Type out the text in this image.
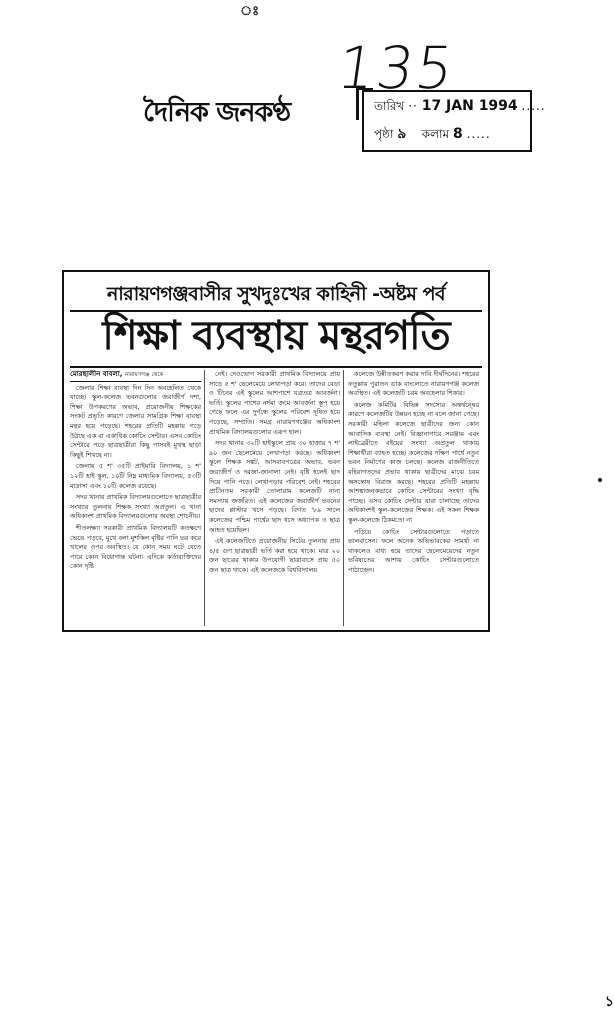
ঃ
135
দৈনিক জনকণ্ঠ	তারিখ ·· 17 JAN 1994 .....
পৃষ্ঠা ৯ কলাম 8 .....
নারায়ণগঞ্জবাসীর সুখদুঃখের কাহিনী -অষ্টম পর্ব
শিক্ষা ব্যবস্থায় মন্থরগতি
মোরছালীন বাবলা, নারায়ণগঞ্জ থেকে

জেলার শিক্ষা ব্যবস্থা দিন দিন অবহেলিত থেকে যাচ্ছে। স্কুল-কলেজ ভবনগুলোর জরাজীর্ণ দশা, শিক্ষা উপকরণের অভাব, প্রয়োজনীয় শিক্ষকের সংকট প্রভৃতি কারণে জেলার সামগ্রিক শিক্ষা ব্যবস্থা মন্থর হয়ে পড়েছে। শহরের প্রতিটি মহল্লায় গড়ে উঠছে এক বা একাধিক কোচিং সেন্টার। এসব কোচিং সেন্টারে পড়ে ছাত্রছাত্রীরা কিছু পাসবই মুখস্থ ছাড়া কিছুই শিখছে না।

জেলায় ৫ শ' ৩৫টি প্রাইমারি বিদ্যালয়, ১ শ' ১২টি হাই স্কুল, ১০টি নিম্ন মাধ্যমিক বিদ্যালয়, ৫৩টি মাদ্রাসা এবং ১০টি কলেজ রয়েছে।

সদর থানার প্রাথমিক বিদ্যালয়গুলোতে ছাত্রছাত্রীর সংখ্যার তুলনায় শিক্ষক সংখ্যা অপ্রতুল। এ থানা অধিকাংশ প্রাথমিক বিদ্যালয়গুলোর অবস্থা শোচনীয়।

শীতলক্ষ্যা সরকারী প্রাথমিক বিদ্যালয়টি কতক্ষণে ভেঙে পড়বে, মুখে বলা মুশকিল বৃষ্টির পানি ভর করে খালের ওপর অবস্থিত। যে কোন সময় ঘটে যেতে পারে কোন বিয়োগান্ত ঘটনা। এদিকে কর্তাব্যক্তিদের কোন দৃষ্টি

নেই। দেওভোগ সরকারী প্রাথমিক বিদ্যালয়ে প্রায় সাড়ে ৫ শ' ছেলেমেয়ে লেখাপড়া করে। তাদের বেড়া ও টিনের এই স্কুলের আশপাশে যত্রতত্র আবর্জনা। ভর্তি। স্কুলের পাশের নর্দমা জমে আবর্জনা স্তূপ হয়ে গেছে ফলে এর দুর্গন্ধে স্কুলের পরিবেশ দূষিত হয়ে পড়েছে, সম্প্রতি। সমগ্র নারায়ণগঞ্জের অধিকাংশ প্রাথমিক বিদ্যালয়গুলোর এরূপ হাল।

সদর থানার ৩২টি হাইস্কুলে প্রায় ৩০ হাজার ৭ শ' ৯০ জন ছেলেমেয়ে লেখাপড়া করছে। অধিকাংশ স্কুলে শিক্ষক সঙ্কট, আসবাবপত্রের অভাব, ভবন জরাজীর্ণ ও দরজা-জানালা নেই। বৃষ্টি হলেই ছাদ দিয়ে পানি পড়ে। লেখাপড়ার পরিবেশ নেই। শহরের প্রাচীনতম সরকারী তোলারাম কলেজটি নানা সমস্যায় জর্জরিত। এই কলেজের জরাজীর্ণ ভবনের ছাদের প্লাস্টার খসে পড়ছে। বিগত '৮৯ সালে কলেজের পশ্চিম পার্শ্বের ছাদ ধসে অধ্যাপক ও ছাত্র আহত হয়েছিল।

এই কলেজটিতে প্রয়োজনীয় সিটের তুলনায় প্রায় ৪/৫ গুণ ছাত্রছাত্রী ভর্তি করা হয়ে থাকে। মাত্র ২০ জন ছাত্রের থাকার উপযোগী ছাত্রাবাসে প্রায় ৫০ জন ছাত্র থাকে। এই কলেজকে বিশ্ববিদ্যালয়

কলেজে উন্নীতকরণ করার দাবি দীর্ঘদিনের। শহরের ফতুল্লায় পুরাতন ডাক বাংলোতে নারায়ণগঞ্জ কলেজ অবস্থিত। এই কলেজটি চরম অবহেলার শিকার।

কলেজ কমিটির বিভিন্ন সদস্যের অন্তর্দ্বন্দ্বের কারণে কলেজটির উন্নয়ন হচ্ছে না বলে জানা গেছে। সরকারী মহিলা কলেজে ছাত্রীদের জন্য কোন আবাসিক ব্যবস্থা নেই। বিজ্ঞানাগারে সরঞ্জাম এবং লাইব্রেরীতে বইয়ের সংখ্যা অপ্রতুল থাকায় শিক্ষার্থীরা ব্যাহত হচ্ছে। কলেজের দক্ষিণ পার্শ্বে নতুন ভবন নির্মাণের কাজ চলছে। কলেজ রাজনীতিতে বহিরাগতদের প্রভাব থাকায় ছাত্রীদের মাঝে চরম অসন্তোষ বিরাজ করছে। শহরের প্রতিটি মহল্লায় আশঙ্কাজনকভাবে কোচিং সেন্টারের সংখ্যা বৃদ্ধি পাচ্ছে। এসব কোচিং সেন্টার যারা চালাচ্ছে তাদের অধিকাংশই স্কুল-কলেজের শিক্ষক। এই সকল শিক্ষক স্কুল-কলেজে ঠিকমতো না

পড়িয়ে কোচিং সেন্টারগুলোতে পড়াতে ভালবাসেন। ফলে অনেক অভিভাবকের সামর্থ্য না থাকলেও বাধ্য হয়ে তাদের ছেলেমেয়েদের নতুন ভবিষ্যতের আশায় কোচিং সেন্টারগুলোতে পাঠাচ্ছেন।

১
